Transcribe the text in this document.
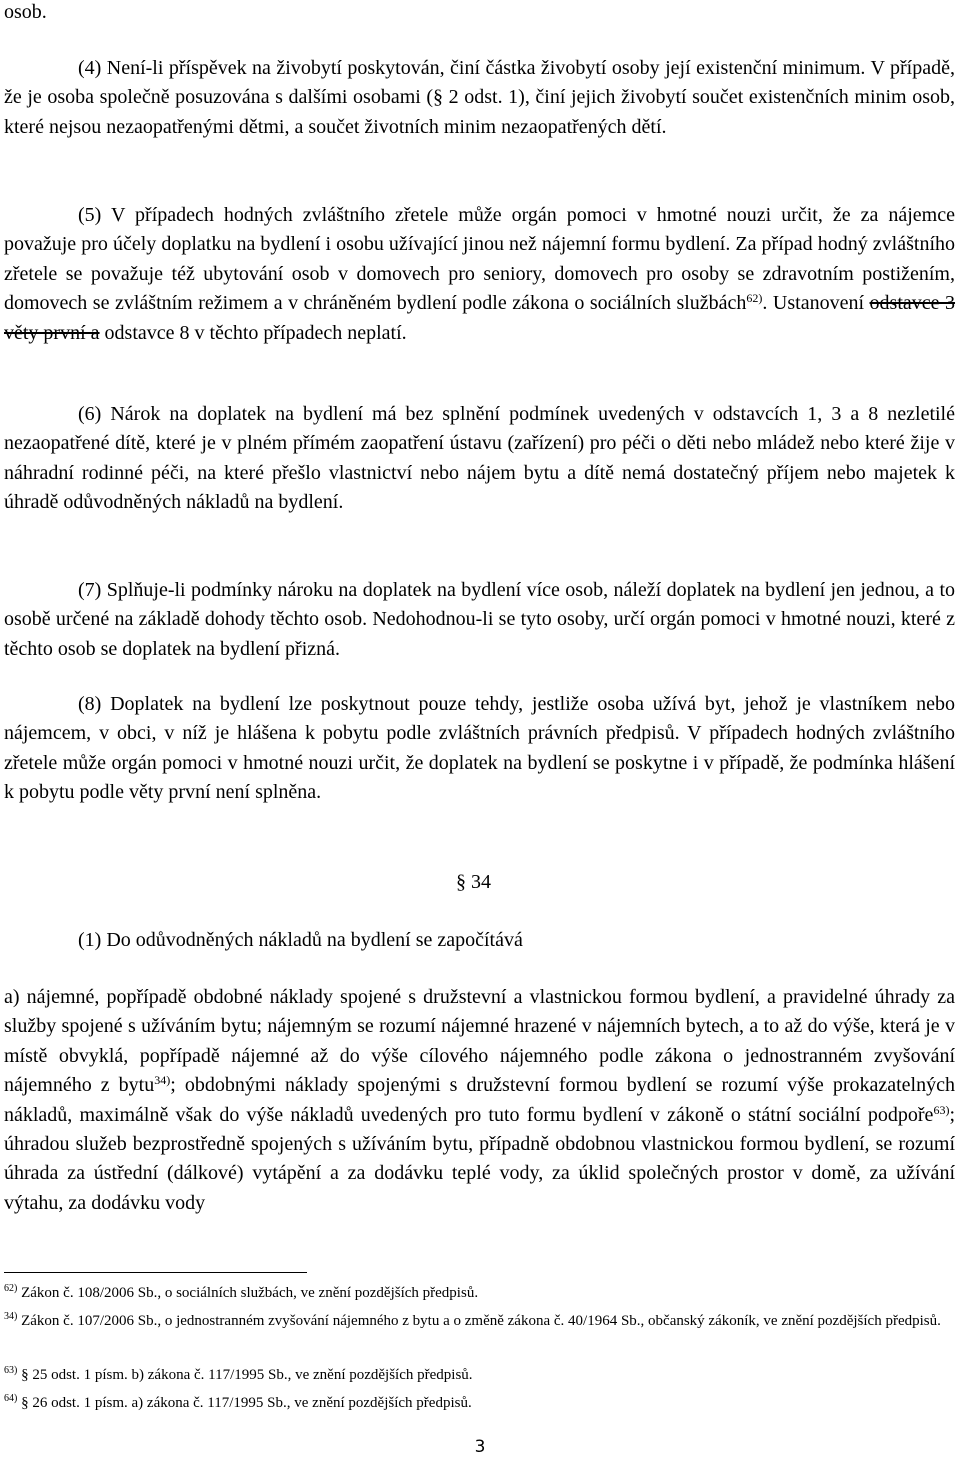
osob.

(4) Není-li příspěvek na živobytí poskytován, činí částka živobytí osoby její existenční minimum. V případě, že je osoba společně posuzována s dalšími osobami (§ 2 odst. 1), činí jejich živobytí součet existenčních minim osob, které nejsou nezaopatřenými dětmi, a součet životních minim nezaopatřených dětí.

(5) V případech hodných zvláštního zřetele může orgán pomoci v hmotné nouzi určit, že za nájemce považuje pro účely doplatku na bydlení i osobu užívající jinou než nájemní formu bydlení. Za případ hodný zvláštního zřetele se považuje též ubytování osob v domovech pro seniory, domovech pro osoby se zdravotním postižením, domovech se zvláštním režimem a v chráněném bydlení podle zákona o sociálních službách$^{62)}$. Ustanovení odstavce 3 věty první a odstavce 8 v těchto případech neplatí.

(6) Nárok na doplatek na bydlení má bez splnění podmínek uvedených v odstavcích 1, 3 a 8 nezletilé nezaopatřené dítě, které je v plném přímém zaopatření ústavu (zařízení) pro péči o děti nebo mládež nebo které žije v náhradní rodinné péči, na které přešlo vlastnictví nebo nájem bytu a dítě nemá dostatečný příjem nebo majetek k úhradě odůvodněných nákladů na bydlení.

(7) Splňuje-li podmínky nároku na doplatek na bydlení více osob, náleží doplatek na bydlení jen jednou, a to osobě určené na základě dohody těchto osob. Nedohodnou-li se tyto osoby, určí orgán pomoci v hmotné nouzi, které z těchto osob se doplatek na bydlení přizná.

(8) Doplatek na bydlení lze poskytnout pouze tehdy, jestliže osoba užívá byt, jehož je vlastníkem nebo nájemcem, v obci, v níž je hlášena k pobytu podle zvláštních právních předpisů. V případech hodných zvláštního zřetele může orgán pomoci v hmotné nouzi určit, že doplatek na bydlení se poskytne i v případě, že podmínka hlášení k pobytu podle věty první není splněna.

§ 34

(1) Do odůvodněných nákladů na bydlení se započítává

a) nájemné, popřípadě obdobné náklady spojené s družstevní a vlastnickou formou bydlení, a pravidelné úhrady za služby spojené s užíváním bytu; nájemným se rozumí nájemné hrazené v nájemních bytech, a to až do výše, která je v místě obvyklá, popřípadě nájemné až do výše cílového nájemného podle zákona o jednostranném zvyšování nájemného z bytu$^{34)}$; obdobnými náklady spojenými s družstevní formou bydlení se rozumí výše prokazatelných nákladů, maximálně však do výše nákladů uvedených pro tuto formu bydlení v zákoně o státní sociální podpoře$^{63)}$; úhradou služeb bezprostředně spojených s užíváním bytu, případně obdobnou vlastnickou formou bydlení, se rozumí úhrada za ústřední (dálkové) vytápění a za dodávku teplé vody, za úklid společných prostor v domě, za užívání výtahu, za dodávku vody

$^{62)}$ Zákon č. 108/2006 Sb., o sociálních službách, ve znění pozdějších předpisů.

$^{34)}$ Zákon č. 107/2006 Sb., o jednostranném zvyšování nájemného z bytu a o změně zákona č. 40/1964 Sb., občanský zákoník, ve znění pozdějších předpisů.

$^{63)}$ § 25 odst. 1 písm. b) zákona č. 117/1995 Sb., ve znění pozdějších předpisů.

$^{64)}$ § 26 odst. 1 písm. a) zákona č. 117/1995 Sb., ve znění pozdějších předpisů.

3
